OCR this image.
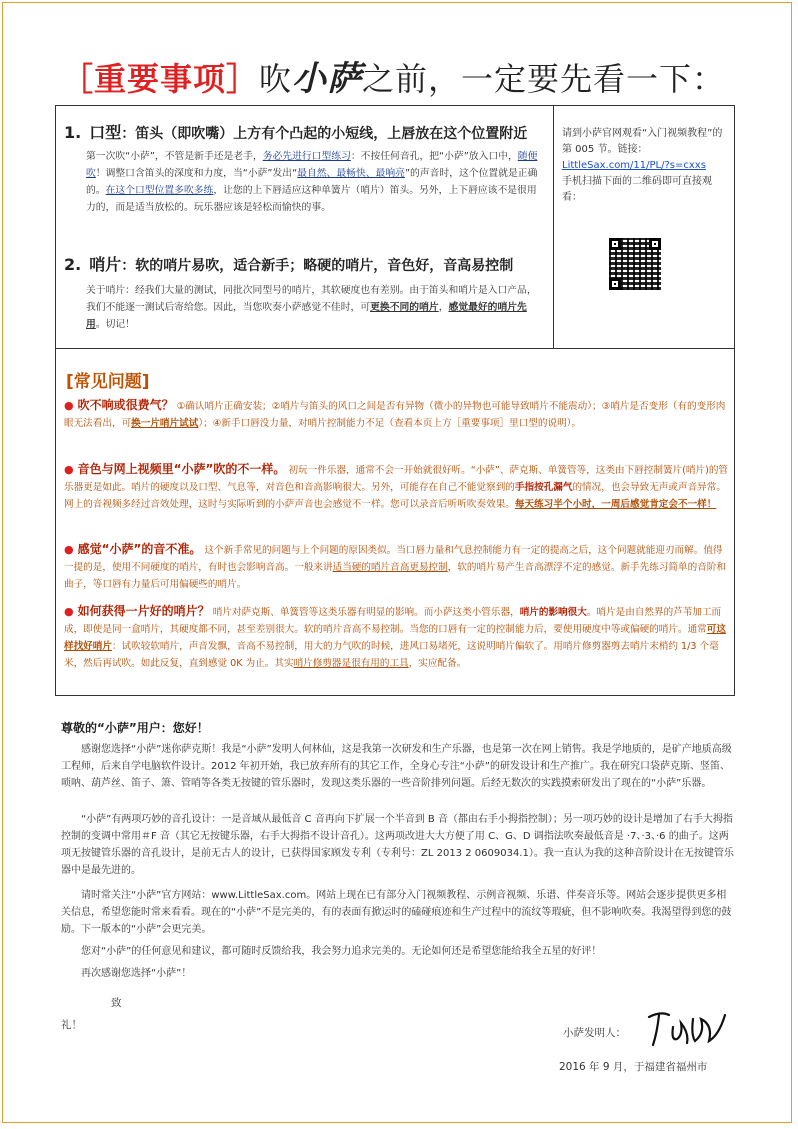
［重要事项］吹小萨之前，一定要先看一下：
1. 口型：笛头（即吹嘴）上方有个凸起的小短线，上唇放在这个位置附近
第一次吹“小萨”，不管是新手还是老手，务必先进行口型练习：不按任何音孔，把“小萨”放入口中，随便吹！调整口含笛头的深度和力度，当“小萨”发出“最自然、最畅快、最响亮”的声音时，这个位置就是正确的。在这个口型位置多吹多练，让您的上下唇适应这种单簧片（哨片）笛头。另外，上下唇应该不是很用力的，而是适当放松的。玩乐器应该是轻松而愉快的事。
2. 哨片：软的哨片易吹，适合新手；略硬的哨片，音色好，音高易控制
关于哨片：经我们大量的测试，同批次同型号的哨片，其软硬度也有差别。由于笛头和哨片是入口产品，我们不能逐一测试后寄给您。因此，当您吹奏小萨感觉不佳时，可更换不同的哨片，感觉最好的哨片先用。切记！
请到小萨官网观看“入门视频教程”的第 005 节。链接：
LittleSax.com/11/PL/?s=cxxs
手机扫描下面的二维码即可直接观看：
[常见问题]
● 吹不响或很费气？ ①确认哨片正确安装；②哨片与笛头的风口之间是否有异物（微小的异物也可能导致哨片不能震动）；③哨片是否变形（有的变形肉眼无法看出，可换一片哨片试试）；④新手口唇没力量，对哨片控制能力不足（查看本页上方［重要事项］里口型的说明）。
● 音色与网上视频里“小萨”吹的不一样。 初玩一件乐器，通常不会一开始就很好听。“小萨”、萨克斯、单簧管等，这类由下唇控制簧片(哨片)的管乐器更是如此。哨片的硬度以及口型、气息等，对音色和音高影响很大。另外，可能存在自己不能觉察到的手指按孔漏气的情况，也会导致无声或声音异常。网上的音视频多经过音效处理，这时与实际听到的小萨声音也会感觉不一样。您可以录音后听听吹奏效果。每天练习半个小时，一周后感觉肯定会不一样！
● 感觉“小萨”的音不准。 这个新手常见的问题与上个问题的原因类似。当口唇力量和气息控制能力有一定的提高之后，这个问题就能迎刃而解。值得一提的是，使用不同硬度的哨片，有时也会影响音高。一般来讲适当硬的哨片音高更易控制，软的哨片易产生音高漂浮不定的感觉。新手先练习简单的音阶和曲子，等口唇有力量后可用偏硬些的哨片。
● 如何获得一片好的哨片？ 哨片对萨克斯、单簧管等这类乐器有明显的影响。而小萨这类小管乐器，哨片的影响很大。哨片是由自然界的芦苇加工而成，即使是同一盒哨片，其硬度都不同，甚至差别很大。软的哨片音高不易控制。当您的口唇有一定的控制能力后，要使用硬度中等或偏硬的哨片。通常可这样找好哨片：试吹较软哨片，声音发飘，音高不易控制，用大的力气吹的时候，进风口易堵死，这说明哨片偏软了。用哨片修剪器剪去哨片末梢约 1/3 个毫米，然后再试吹。如此反复，直到感觉 0K 为止。其实哨片修剪器是很有用的工具，实应配备。
尊敬的“小萨”用户：您好！
感谢您选择“小萨”迷你萨克斯！我是“小萨”发明人何林仙，这是我第一次研发和生产乐器，也是第一次在网上销售。我是学地质的，是矿产地质高级工程师，后来自学电脑软件设计。2012 年初开始，我已放弃所有的其它工作，全身心专注“小萨”的研发设计和生产推广。我在研究口袋萨克斯、竖笛、唢呐、葫芦丝、笛子、箫、管哨等各类无按键的管乐器时，发现这类乐器的一些音阶排列问题。后经无数次的实践摸索研发出了现在的“小萨”乐器。
“小萨”有两项巧妙的音孔设计：一是音域从最低音 C 音再向下扩展一个半音到 B 音（都由右手小拇指控制）；另一项巧妙的设计是增加了右手大拇指控制的变调中常用＃F 音（其它无按键乐器，右手大拇指不设计音孔）。这两项改进大大方便了用 C、G、D 调指法吹奏最低音是 ·7、·3、·6 的曲子。这两项无按键管乐器的音孔设计，是前无古人的设计，已获得国家顾发专利（专利号：ZL 2013 2 0609034.1）。我一直认为我的这种音阶设计在无按键管乐器中是最先进的。
请时常关注“小萨”官方网站：www.LittleSax.com。网站上现在已有部分入门视频教程、示例音视频、乐谱、伴奏音乐等。网站会逐步提供更多相关信息，希望您能时常来看看。现在的“小萨”不是完美的，有的表面有掀运时的磕碰痕迹和生产过程中的流纹等瑕疵，但不影响吹奏。我渴望得到您的鼓励。下一版本的“小萨”会更完美。
您对“小萨”的任何意见和建议，都可随时反馈给我，我会努力追求完美的。无论如何还是希望您能给我全五星的好评！
再次感谢您选择“小萨”！
致
礼！
小萨发明人：
2016 年 9 月，于福建省福州市
